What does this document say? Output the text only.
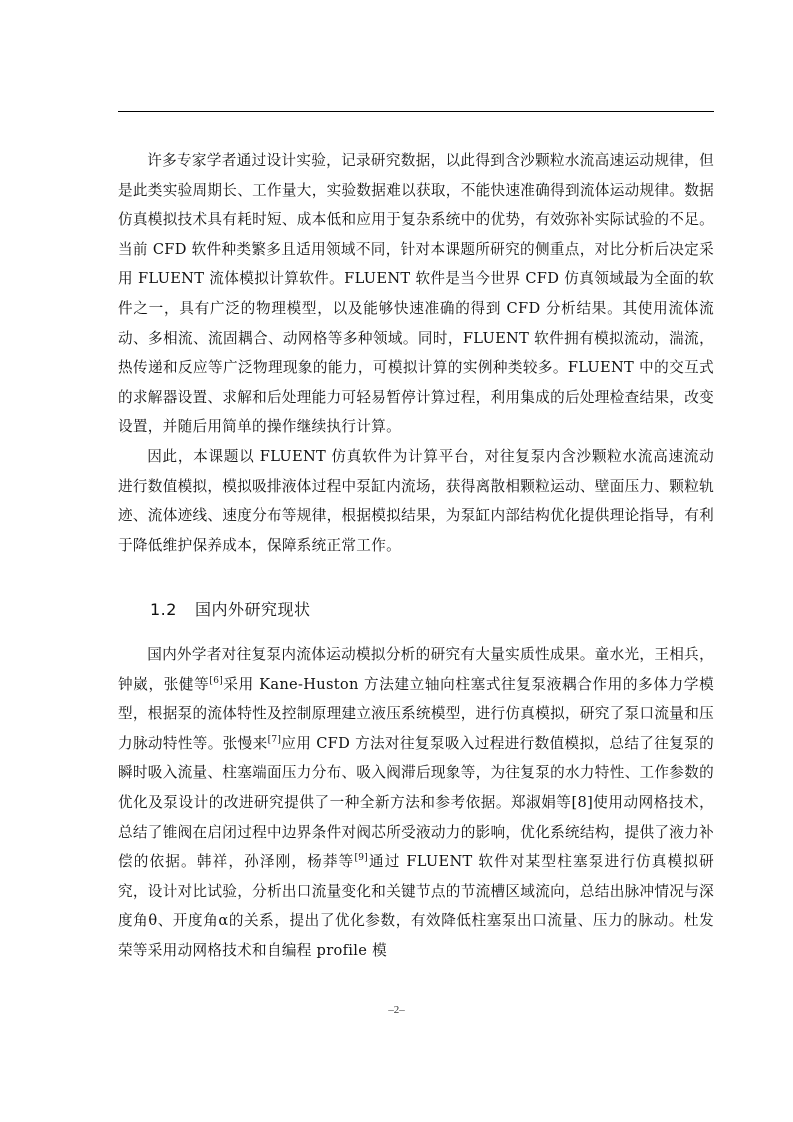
许多专家学者通过设计实验，记录研究数据，以此得到含沙颗粒水流高速运动规律，但是此类实验周期长、工作量大，实验数据难以获取，不能快速准确得到流体运动规律。数据仿真模拟技术具有耗时短、成本低和应用于复杂系统中的优势，有效弥补实际试验的不足。当前 CFD 软件种类繁多且适用领域不同，针对本课题所研究的侧重点，对比分析后决定采用 FLUENT 流体模拟计算软件。FLUENT 软件是当今世界 CFD 仿真领域最为全面的软件之一，具有广泛的物理模型，以及能够快速准确的得到 CFD 分析结果。其使用流体流动、多相流、流固耦合、动网格等多种领域。同时，FLUENT 软件拥有模拟流动，湍流，热传递和反应等广泛物理现象的能力，可模拟计算的实例种类较多。FLUENT 中的交互式的求解器设置、求解和后处理能力可轻易暂停计算过程，利用集成的后处理检查结果，改变设置，并随后用简单的操作继续执行计算。

因此，本课题以 FLUENT 仿真软件为计算平台，对往复泵内含沙颗粒水流高速流动进行数值模拟，模拟吸排液体过程中泵缸内流场，获得离散相颗粒运动、壁面压力、颗粒轨迹、流体迹线、速度分布等规律，根据模拟结果，为泵缸内部结构优化提供理论指导，有利于降低维护保养成本，保障系统正常工作。

1.2 国内外研究现状

国内外学者对往复泵内流体运动模拟分析的研究有大量实质性成果。童水光，王相兵，钟崴，张健等[6]采用 Kane-Huston 方法建立轴向柱塞式往复泵液耦合作用的多体力学模型，根据泵的流体特性及控制原理建立液压系统模型，进行仿真模拟，研究了泵口流量和压力脉动特性等。张慢来[7]应用 CFD 方法对往复泵吸入过程进行数值模拟，总结了往复泵的瞬时吸入流量、柱塞端面压力分布、吸入阀滞后现象等，为往复泵的水力特性、工作参数的优化及泵设计的改进研究提供了一种全新方法和参考依据。郑淑娟等[8]使用动网格技术，总结了锥阀在启闭过程中边界条件对阀芯所受液动力的影响，优化系统结构，提供了液力补偿的依据。韩祥，孙泽刚，杨莽等[9]通过 FLUENT 软件对某型柱塞泵进行仿真模拟研究，设计对比试验，分析出口流量变化和关键节点的节流槽区域流向，总结出脉冲情况与深度角θ、开度角α的关系，提出了优化参数，有效降低柱塞泵出口流量、压力的脉动。杜发荣等采用动网格技术和自编程 profile 模

–2–
